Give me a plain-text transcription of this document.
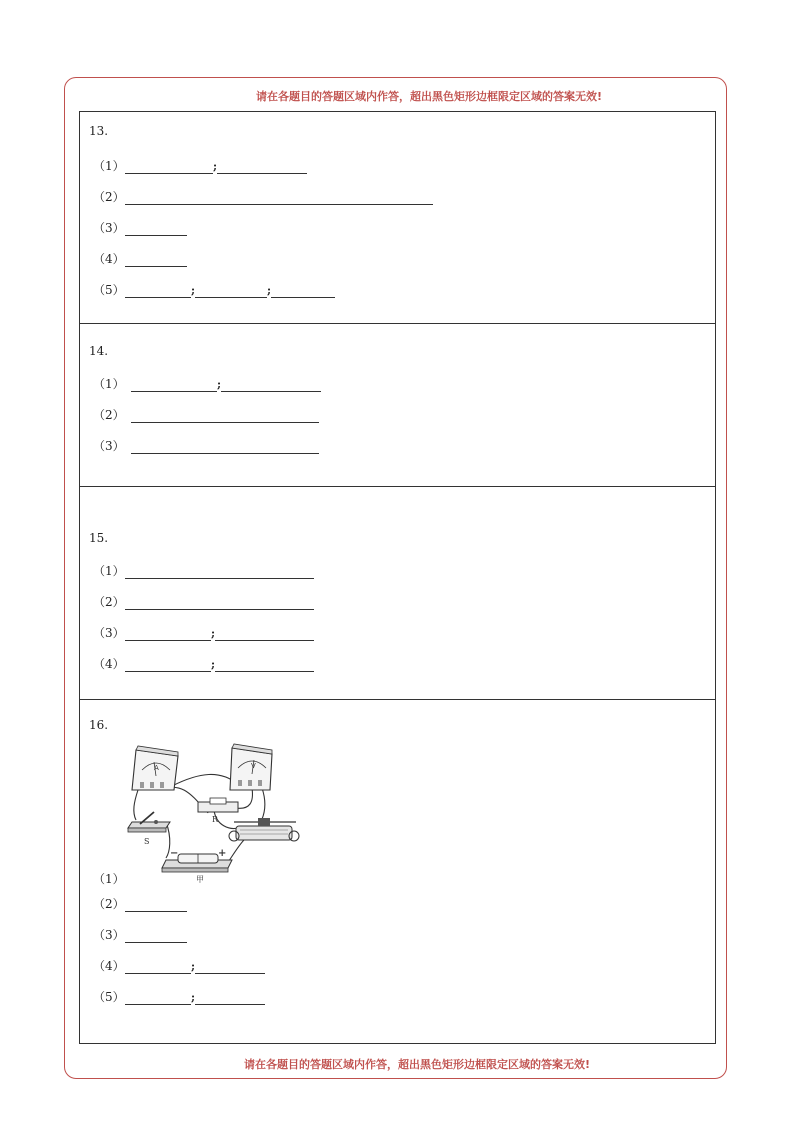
请在各题目的答题区域内作答，超出黑色矩形边框限定区域的答案无效!
请在各题目的答题区域内作答，超出黑色矩形边框限定区域的答案无效!
13.
（1）	;
（2）
（3）
（4）
（5）	;	;
14.
（1）	;
（2）
（3）
15.
（1）
（2）
（3）	;
（4）	;
16.
A	V
R
S
−	+
甲
（1）
（2）
（3）
（4）	;
（5）	;
